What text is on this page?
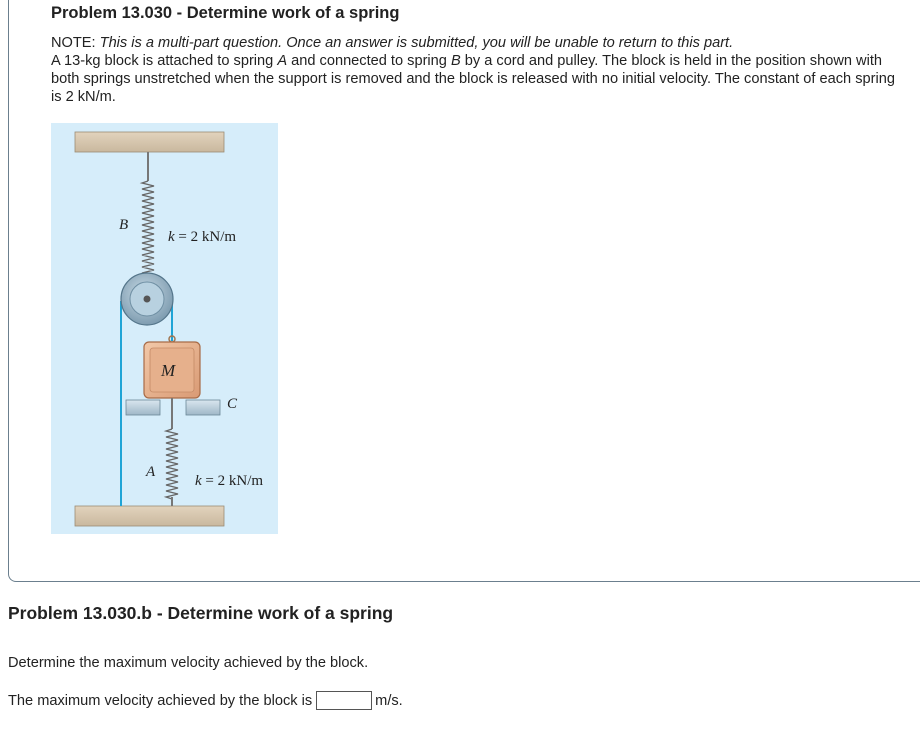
Problem 13.030 - Determine work of a spring
NOTE: This is a multi-part question. Once an answer is submitted, you will be unable to return to this part.
A 13-kg block is attached to spring A and connected to spring B by a cord and pulley. The block is held in the position shown with both springs unstretched when the support is removed and the block is released with no initial velocity. The constant of each spring is 2 kN/m.
B
k = 2 kN/m
M
C
A
k = 2 kN/m
Problem 13.030.b - Determine work of a spring
Determine the maximum velocity achieved by the block.
The maximum velocity achieved by the block is	m/s.
